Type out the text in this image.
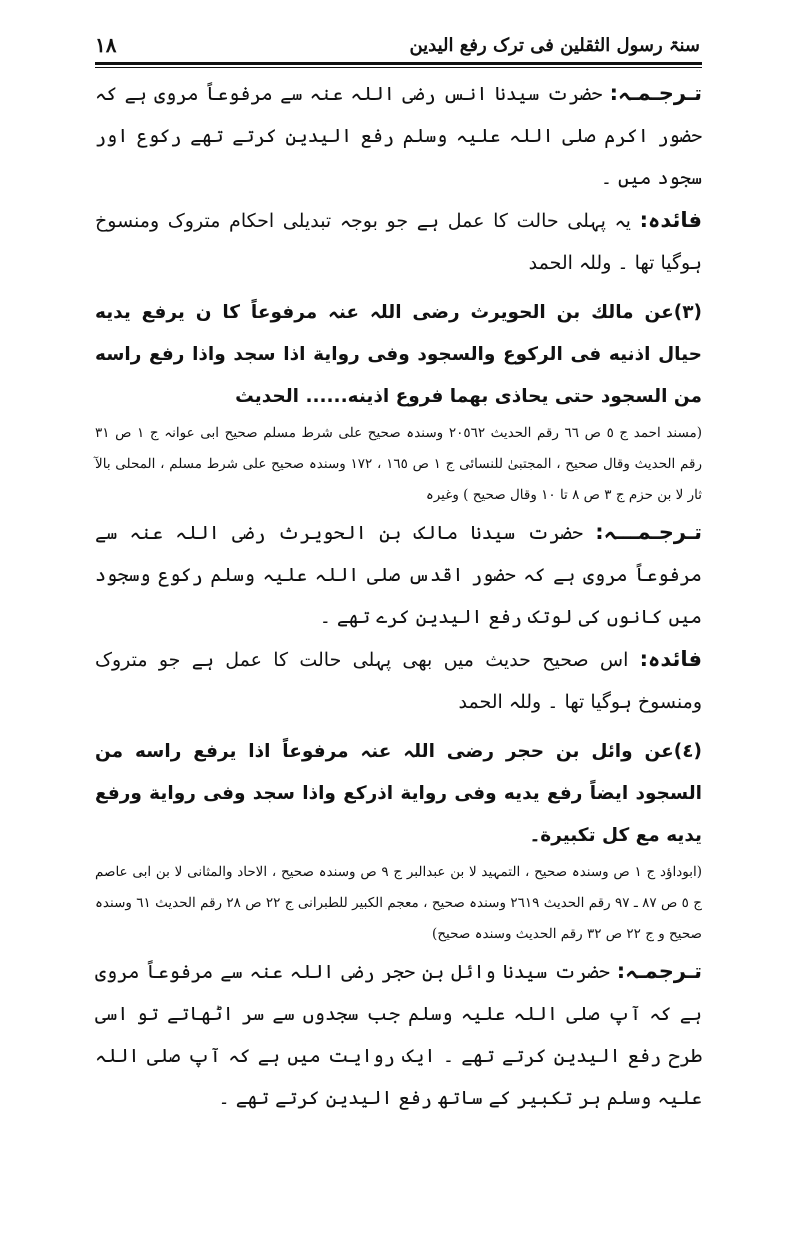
سنۃ رسول الثقلین فی ترک رفع الیدین
١٨

تـرجـمـہ: حضرت سیدنا انس رضی اللہ عنہ سے مرفوعاً مروی ہے کہ حضور اکرم صلی اللہ علیہ وسلم رفع الیدین کرتے تھے رکوع اور سجود میں ۔

فائدہ: یہ پہلی حالت کا عمل ہے جو بوجہ تبدیلی احکام متروک ومنسوخ ہوگیا تھا ۔ وللہ الحمد

(٣)عن مالك بن الحويرث رضی اللہ عنہ مرفوعاً كا ن يرفع يديه حيال اذنيه فی الركوع والسجود وفی رواية اذا سجد واذا رفع راسه من السجود حتی يحاذی بهما فروع اذينه...... الحديث

(مسند احمد ج ٥ ص ٦٦ رقم الحديث ٢٠٥٦٢ وسندہ صحیح علی شرط مسلم صحیح ابی عوانہ ج ١ ص ٣١ رقم الحدیث وقال صحیح ، المجتبیٰ للنسائی ج ١ ص ١٦٥ ، ١٧٢ وسندہ صحیح علی شرط مسلم ، المحلی بالآ ثار لا بن حزم ج ٣ ص ٨ تا ١٠ وقال صحیح ) وغیرہ

تـرجـمـــہ: حضرت سیدنا مالک بن الحویرث رضی اللہ عنہ سے مرفوعاً مروی ہے کہ حضور اقدس صلی اللہ علیہ وسلم رکوع وسجود میں کانوں کی لوتک رفع الیدین کرے تھے ۔

فائدہ: اس صحیح حدیث میں بھی پہلی حالت کا عمل ہے جو متروک ومنسوخ ہوگیا تھا ۔ وللہ الحمد

(٤)عن وائل بن حجر رضی اللہ عنہ مرفوعاً اذا يرفع راسه من السجود ايضاً رفع يديه وفی رواية اذركع واذا سجد وفی رواية ورفع يديه مع كل تكبيرة۔

(ابوداؤد ج ١ ص وسندہ صحیح ، التمہید لا بن عبدالبر ج ٩ ص وسندہ صحیح ، الاحاد والمثانی لا بن ابی عاصم ج ٥ ص ٨٧ ـ ٩٧ رقم الحدیث ٢٦١٩ وسندہ صحیح ، معجم الکبیر للطبرانی ج ٢٢ ص ٢٨ رقم الحدیث ٦١ وسندہ صحیح و ج ٢٢ ص ٣٢ رقم الحدیث وسندہ صحیح)

تـرجمـہ: حضرت سیدنا وائل بن حجر رضی اللہ عنہ سے مرفوعاً مروی ہے کہ آپ صلی اللہ علیہ وسلم جب سجدوں سے سر اٹھاتے تو اسی طرح رفع الیدین کرتے تھے ۔ ایک روایت میں ہے کہ آپ صلی اللہ علیہ وسلم ہر تکبیر کے ساتھ رفع الیدین کرتے تھے ۔
